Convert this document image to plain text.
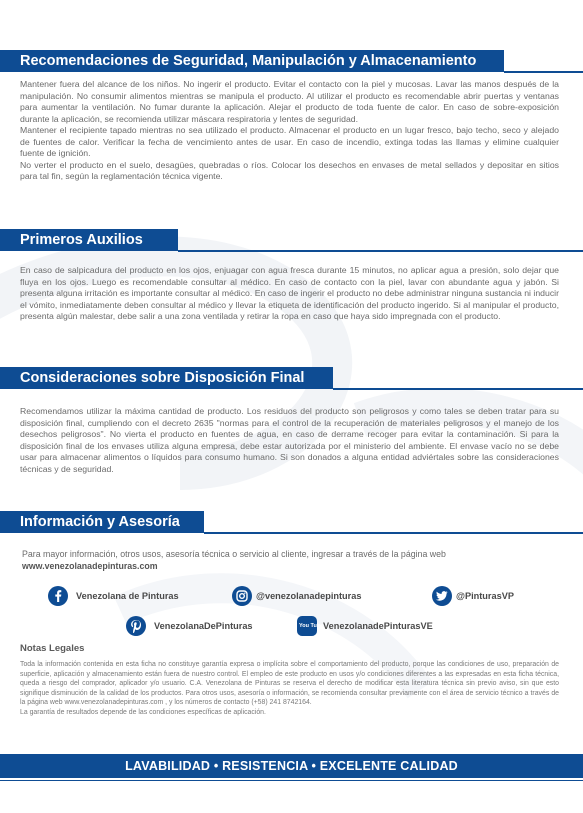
Recomendaciones de Seguridad, Manipulación y Almacenamiento

Mantener fuera del alcance de los niños. No ingerir el producto. Evitar el contacto con la piel y mucosas. Lavar las manos después de la manipulación. No consumir alimentos mientras se manipula el producto. Al utilizar el producto es recomendable abrir puertas y ventanas para aumentar la ventilación. No fumar durante la aplicación. Alejar el producto de toda fuente de calor. En caso de sobre-exposición durante la aplicación, se recomienda utilizar máscara respiratoria y lentes de seguridad.

Mantener el recipiente tapado mientras no sea utilizado el producto. Almacenar el producto en un lugar fresco, bajo techo, seco y alejado de fuentes de calor. Verificar la fecha de vencimiento antes de usar. En caso de incendio, extinga todas las llamas y elimine cualquier fuente de ignición.

No verter el producto en el suelo, desagües, quebradas o ríos. Colocar los desechos en envases de metal sellados y depositar en sitios para tal fin, según la reglamentación técnica vigente.

Primeros Auxilios

En caso de salpicadura del producto en los ojos, enjuagar con agua fresca durante 15 minutos, no aplicar agua a presión, solo dejar que fluya en los ojos. Luego es recomendable consultar al médico. En caso de contacto con la piel, lavar con abundante agua y jabón. Si presenta alguna irritación es importante consultar al médico. En caso de ingerir el producto no debe administrar ninguna sustancia ni inducir el vómito, inmediatamente deben consultar al médico y llevar la etiqueta de identificación del producto ingerido. Si al manipular el producto, presenta algún malestar, debe salir a una zona ventilada y retirar la ropa en caso que haya sido impregnada con el producto.

Consideraciones sobre Disposición Final

Recomendamos utilizar la máxima cantidad de producto. Los residuos del producto son peligrosos y como tales se deben tratar para su disposición final, cumpliendo con el decreto 2635 "normas para el control de la recuperación de materiales peligrosos y el manejo de los desechos peligrosos". No vierta el producto en fuentes de agua, en caso de derrame recoger para evitar la contaminación. Si para la disposición final de los envases utiliza alguna empresa, debe estar autorizada por el ministerio del ambiente. El envase vacío no se debe usar para almacenar alimentos o líquidos para consumo humano. Si son donados a alguna entidad adviértales sobre las consideraciones técnicas y de seguridad.

Información y Asesoría
Para mayor información, otros usos, asesoría técnica o servicio al cliente, ingresar a través de la página web
www.venezolanadepinturas.com
Venezolana de Pinturas	@venezolanadepinturas	@PinturasVP
VenezolanaDePinturas	You Tube VenezolanadePinturasVE
Notas Legales

Toda la información contenida en esta ficha no constituye garantía expresa o implícita sobre el comportamiento del producto, porque las condiciones de uso, preparación de superficie, aplicación y almacenamiento están fuera de nuestro control. El empleo de este producto en usos y/o condiciones diferentes a las expresadas en esta ficha técnica, queda a riesgo del comprador, aplicador y/o usuario. C.A. Venezolana de Pinturas se reserva el derecho de modificar esta literatura técnica sin previo aviso, sin que esto signifique disminución de la calidad de los productos. Para otros usos, asesoría o información, se recomienda consultar previamente con el área de servicio técnico a través de la página web www.venezolanadepinturas.com , y los números de contacto (+58) 241 8742164.

La garantía de resultados depende de las condiciones específicas de aplicación.

LAVABILIDAD • RESISTENCIA • EXCELENTE CALIDAD
